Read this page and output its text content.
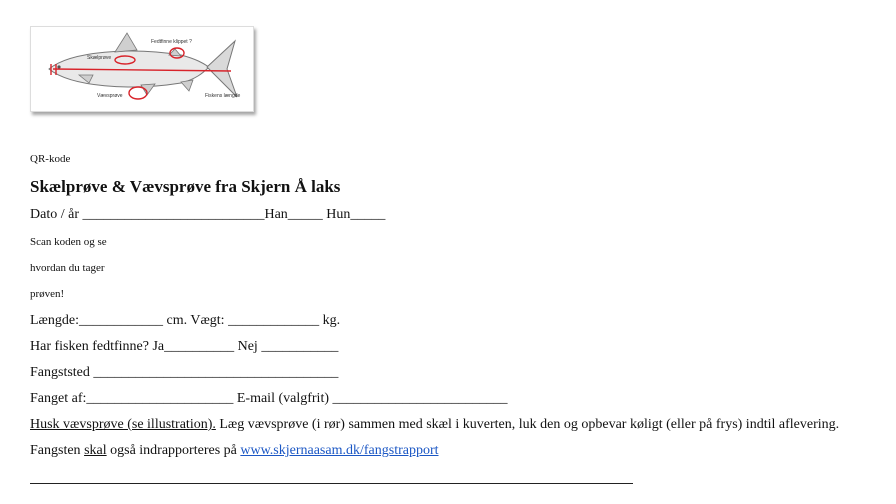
Fedtfinne klippet ?
Skælprøve
Vævsprøve	Fiskens længde
QR-kode
Skælprøve & Vævsprøve fra Skjern Å laks
Dato / år __________________________Han_____ Hun_____
Scan koden og se
hvordan du tager
prøven!
Længde:____________ cm. Vægt: _____________ kg.
Har fisken fedtfinne? Ja__________ Nej ___________
Fangststed ___________________________________
Fanget af:_____________________ E-mail (valgfrit) _________________________
Husk vævsprøve (se illustration). Læg vævsprøve (i rør) sammen med skæl i kuverten, luk den og opbevar køligt (eller på frys) indtil aflevering.
Fangsten skal også indrapporteres på www.skjernaasam.dk/fangstrapport
